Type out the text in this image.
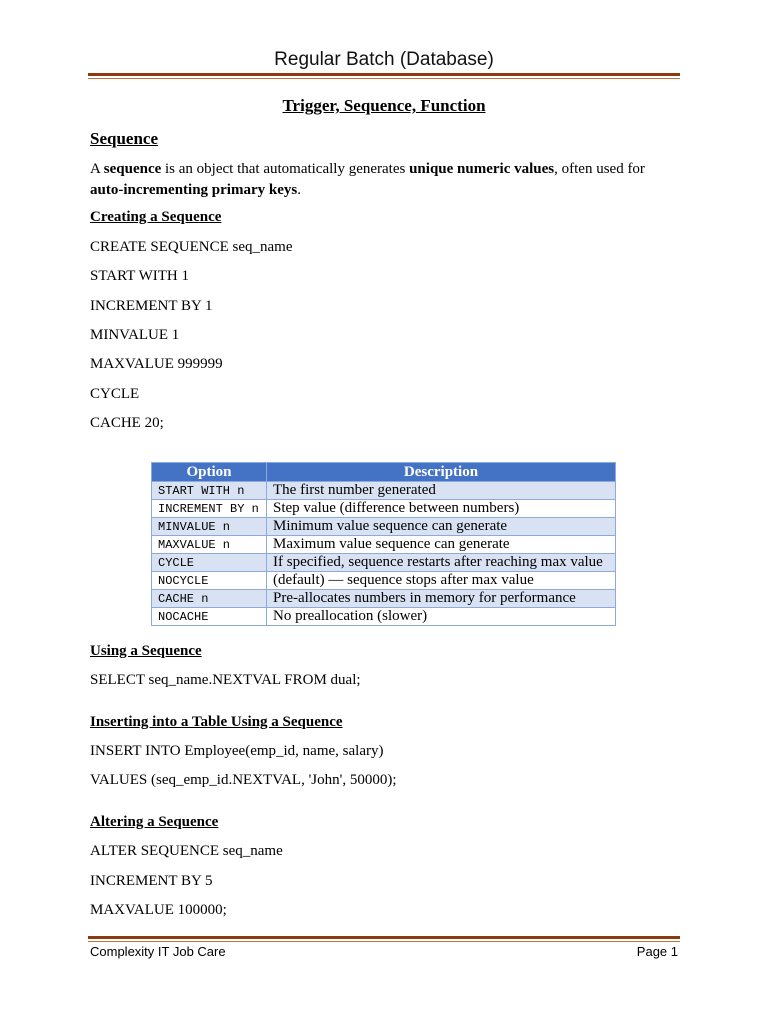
Regular Batch (Database)
Trigger, Sequence, Function
Sequence
A sequence is an object that automatically generates unique numeric values, often used for auto-incrementing primary keys.
Creating a Sequence
CREATE SEQUENCE seq_name
START WITH 1
INCREMENT BY 1
MINVALUE 1
MAXVALUE 999999
CYCLE
CACHE 20;
Option	Description
START WITH n	The first number generated
INCREMENT BY n	Step value (difference between numbers)
MINVALUE n	Minimum value sequence can generate
MAXVALUE n	Maximum value sequence can generate
CYCLE	If specified, sequence restarts after reaching max value
NOCYCLE	(default) — sequence stops after max value
CACHE n	Pre-allocates numbers in memory for performance
NOCACHE	No preallocation (slower)
Using a Sequence
SELECT seq_name.NEXTVAL FROM dual;
Inserting into a Table Using a Sequence
INSERT INTO Employee(emp_id, name, salary)
VALUES (seq_emp_id.NEXTVAL, 'John', 50000);
Altering a Sequence
ALTER SEQUENCE seq_name
INCREMENT BY 5
MAXVALUE 100000;
Complexity IT Job Care	Page 1
